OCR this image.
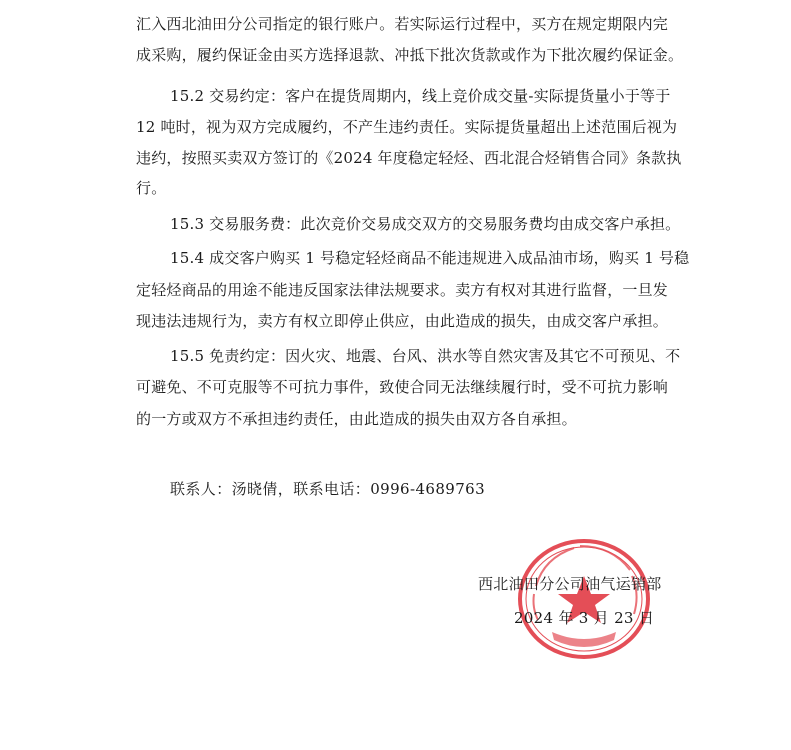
汇入西北油田分公司指定的银行账户。若实际运行过程中，买方在规定期限内完
成采购，履约保证金由买方选择退款、冲抵下批次货款或作为下批次履约保证金。
15.2 交易约定：客户在提货周期内，线上竞价成交量-实际提货量小于等于
12 吨时，视为双方完成履约，不产生违约责任。实际提货量超出上述范围后视为
违约，按照买卖双方签订的《2024 年度稳定轻烃、西北混合烃销售合同》条款执
行。
15.3 交易服务费：此次竞价交易成交双方的交易服务费均由成交客户承担。
15.4 成交客户购买 1 号稳定轻烃商品不能违规进入成品油市场，购买 1 号稳
定轻烃商品的用途不能违反国家法律法规要求。卖方有权对其进行监督，一旦发
现违法违规行为，卖方有权立即停止供应，由此造成的损失，由成交客户承担。
15.5 免责约定：因火灾、地震、台风、洪水等自然灾害及其它不可预见、不
可避免、不可克服等不可抗力事件，致使合同无法继续履行时，受不可抗力影响
的一方或双方不承担违约责任，由此造成的损失由双方各自承担。
联系人：汤晓倩，联系电话：0996-4689763
西北油田分公司油气运销部
2024 年 3 月 23 日
